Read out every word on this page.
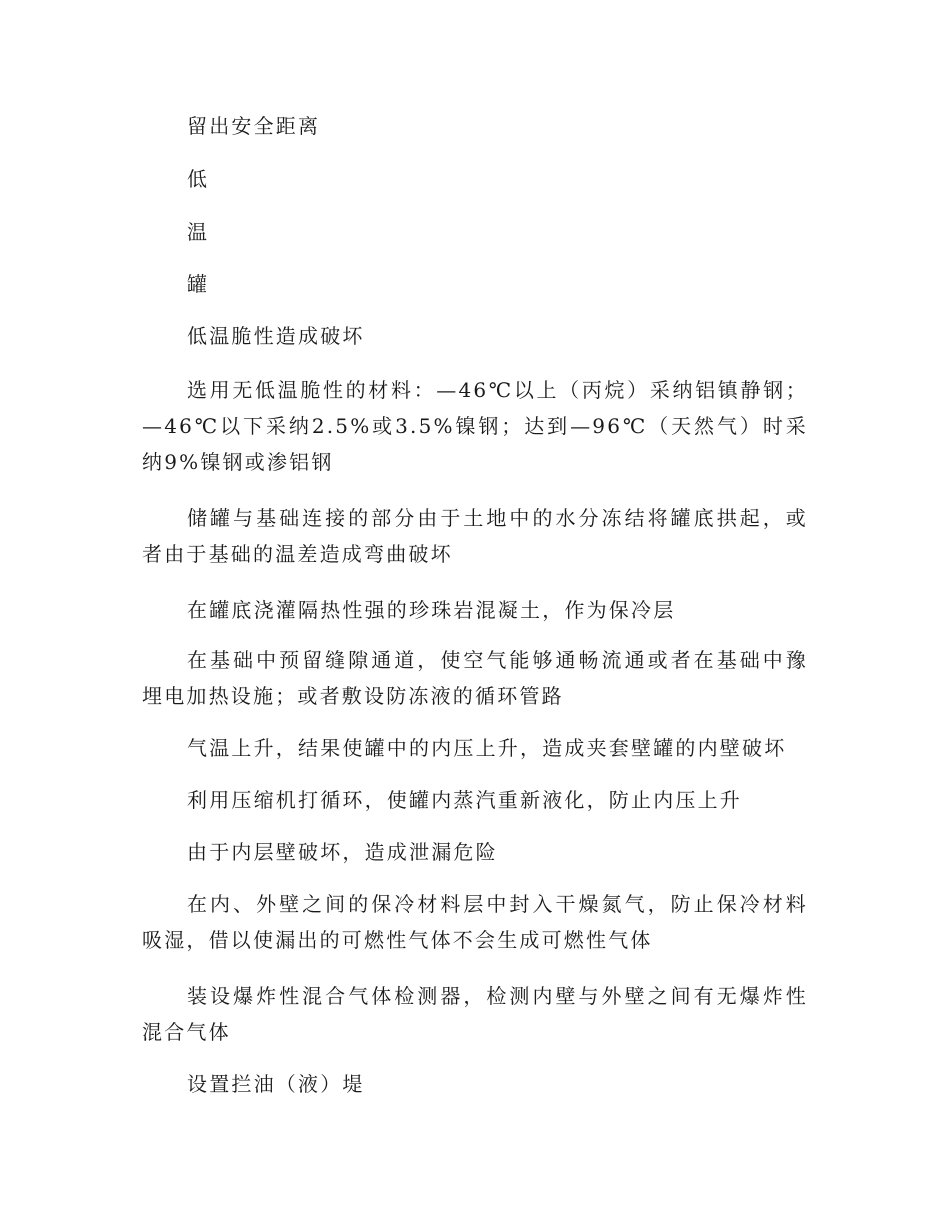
留出安全距离

低

温

罐

低温脆性造成破坏

选用无低温脆性的材料：—46℃以上（丙烷）采纳铝镇静钢；—46℃以下采纳2.5%或3.5%镍钢；达到—96℃（天然气）时采纳9%镍钢或渗铝钢

储罐与基础连接的部分由于土地中的水分冻结将罐底拱起，或者由于基础的温差造成弯曲破坏

在罐底浇灌隔热性强的珍珠岩混凝土，作为保冷层

在基础中预留缝隙通道，使空气能够通畅流通或者在基础中豫埋电加热设施；或者敷设防冻液的循环管路

气温上升，结果使罐中的内压上升，造成夹套壁罐的内壁破坏

利用压缩机打循环，使罐内蒸汽重新液化，防止内压上升

由于内层壁破坏，造成泄漏危险

在内、外壁之间的保冷材料层中封入干燥氮气，防止保冷材料吸湿，借以使漏出的可燃性气体不会生成可燃性气体

装设爆炸性混合气体检测器，检测内壁与外壁之间有无爆炸性混合气体

设置拦油（液）堤
